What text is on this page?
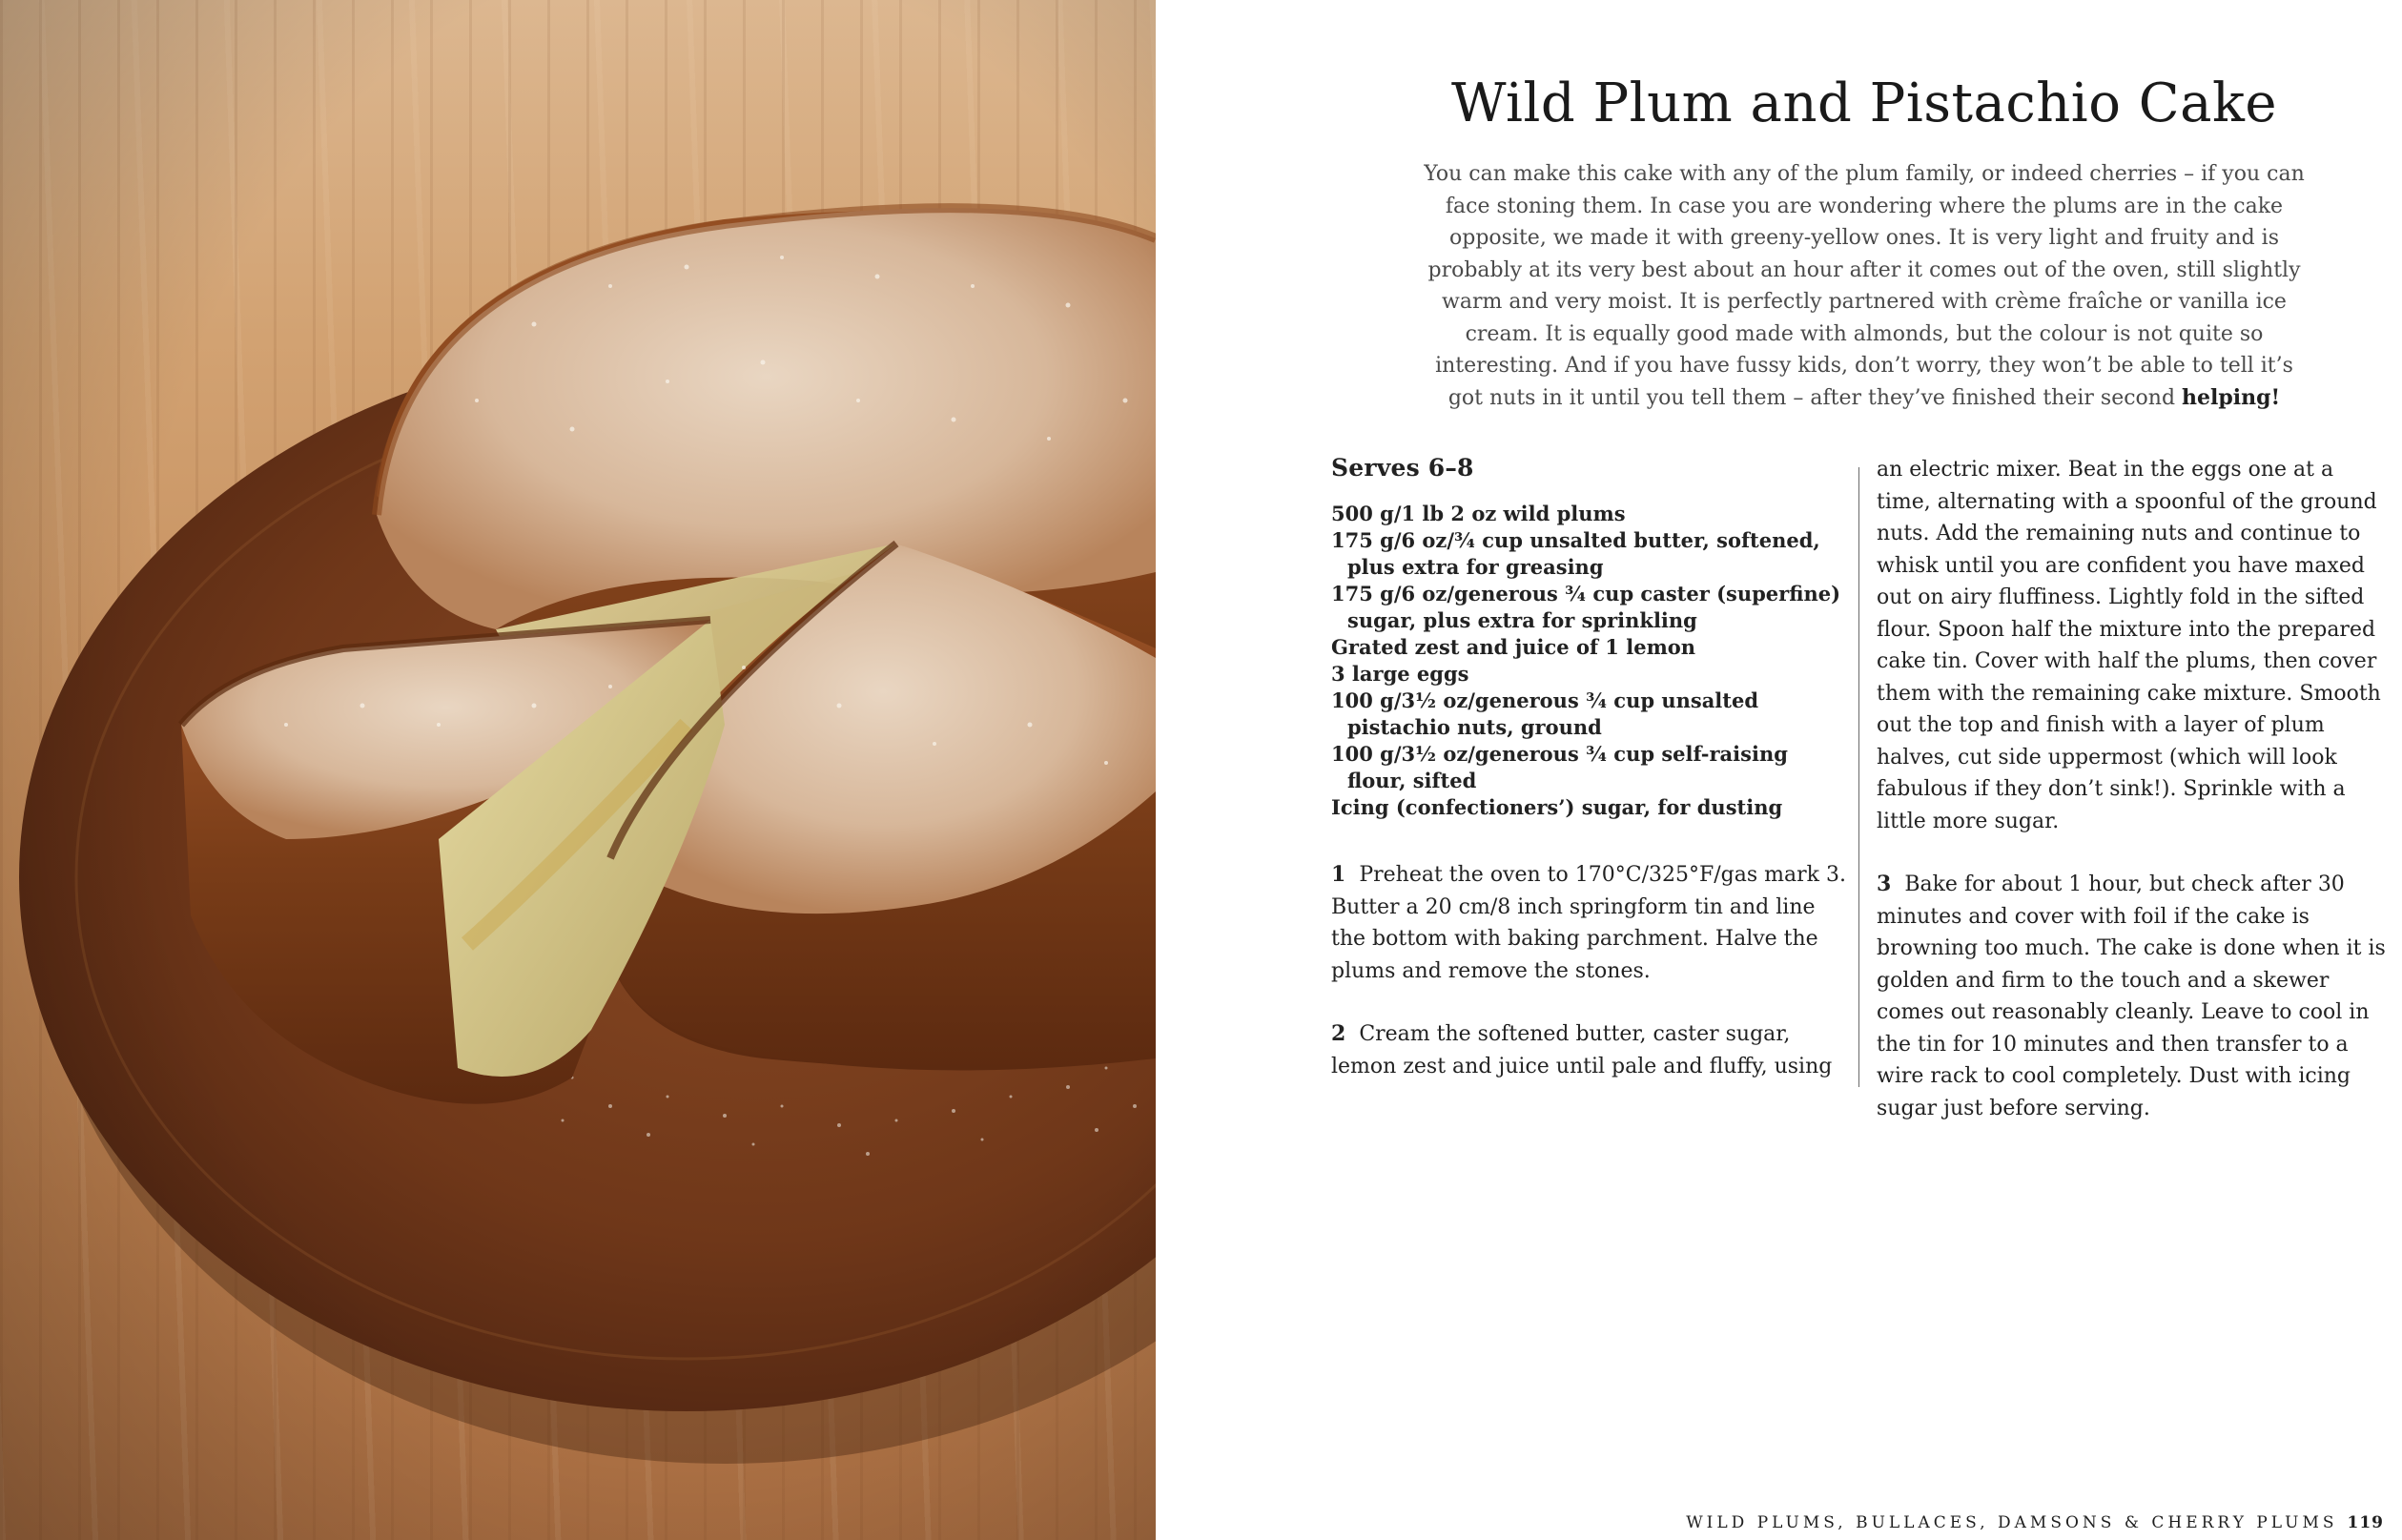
Wild Plum and Pistachio Cake

You can make this cake with any of the plum family, or indeed cherries – if you can face stoning them. In case you are wondering where the plums are in the cake opposite, we made it with greeny-yellow ones. It is very light and fruity and is probably at its very best about an hour after it comes out of the oven, still slightly warm and very moist. It is perfectly partnered with crème fraîche or vanilla ice cream. It is equally good made with almonds, but the colour is not quite so interesting. And if you have fussy kids, don’t worry, they won’t be able to tell it’s got nuts in it until you tell them – after they’ve finished their second helping!

Serves 6–8
500 g/1 lb 2 oz wild plums
175 g/6 oz/¾ cup unsalted butter, softened, plus extra for greasing
175 g/6 oz/generous ¾ cup caster (superfine) sugar, plus extra for sprinkling
Grated zest and juice of 1 lemon
3 large eggs
100 g/3½ oz/generous ¾ cup unsalted pistachio nuts, ground
100 g/3½ oz/generous ¾ cup self-raising flour, sifted
Icing (confectioners’) sugar, for dusting

1 Preheat the oven to 170°C/325°F/gas mark 3. Butter a 20 cm/8 inch springform tin and line the bottom with baking parchment. Halve the plums and remove the stones.

2 Cream the softened butter, caster sugar, lemon zest and juice until pale and fluffy, using

an electric mixer. Beat in the eggs one at a time, alternating with a spoonful of the ground nuts. Add the remaining nuts and continue to whisk until you are confident you have maxed out on airy fluffiness. Lightly fold in the sifted flour. Spoon half the mixture into the prepared cake tin. Cover with half the plums, then cover them with the remaining cake mixture. Smooth out the top and finish with a layer of plum halves, cut side uppermost (which will look fabulous if they don’t sink!). Sprinkle with a little more sugar.

3 Bake for about 1 hour, but check after 30 minutes and cover with foil if the cake is browning too much. The cake is done when it is golden and firm to the touch and a skewer comes out reasonably cleanly. Leave to cool in the tin for 10 minutes and then transfer to a wire rack to cool completely. Dust with icing sugar just before serving.

WILD PLUMS, BULLACES, DAMSONS & CHERRY PLUMS 119
